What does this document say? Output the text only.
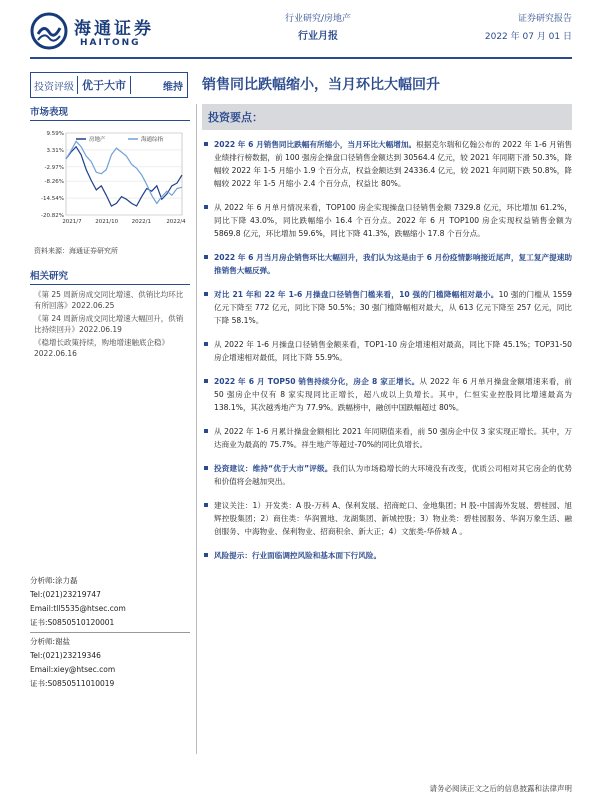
海通证券
HAITONG
行业研究/房地产
行业月报
证券研究报告
2022 年 07 月 01 日
投资评级 优于大市	维持 销售同比跌幅缩小，当月环比大幅回升
市场表现
9.59%
3.31%
-2.97%
-8.26%
-14.54%
-20.82%
2021/7 2021/10 2022/1	2022/4
房地产	海通综指
资料来源：海通证券研究所
相关研究
《第 25 周新房成交同比增速、供销比均环比有所回落》2022.06.25
《第 24 周新房成交同比增速大幅回升，供销比持续回升》2022.06.19
《稳增长政策持续，购地增速触底企稳》2022.06.16
分析师:涂力磊
Tel:(021)23219747
Email:tll5535@htsec.com
证书:S0850510120001
分析师:谢盐
Tel:(021)23219346
Email:xiey@htsec.com
证书:S0850511010019
投资要点：
2022 年 6 月销售同比跌幅有所缩小，当月环比大幅增加。根据克尔瑞和亿翰公布的 2022 年 1-6 月销售业绩排行榜数据，前 100 强房企操盘口径销售金额达到 30564.4 亿元，较 2021 年同期下滑 50.3%，降幅较 2022 年 1-5 月缩小 1.9 个百分点，权益金额达到 24336.4 亿元，较 2021 年同期下跌 50.8%，降幅较 2022 年 1-5 月缩小 2.4 个百分点，权益比 80%。
从 2022 年 6 月单月情况来看，TOP100 房企实现操盘口径销售金额 7329.8 亿元，环比增加 61.2%，同比下降 43.0%，同比跌幅缩小 16.4 个百分点。2022 年 6 月 TOP100 房企实现权益销售金额为 5869.8 亿元，环比增加 59.6%，同比下降 41.3%，跌幅缩小 17.8 个百分点。
2022 年 6 月当月房企销售环比大幅回升，我们认为这是由于 6 月份疫情影响接近尾声，复工复产提速助推销售大幅反弹。
对比 21 年和 22 年 1-6 月操盘口径销售门槛来看，10 强的门槛降幅相对最小。10 强的门槛从 1559 亿元下降至 772 亿元，同比下降 50.5%；30 强门槛降幅相对最大，从 613 亿元下降至 257 亿元，同比下降 58.1%。
从 2022 年 1-6 月操盘口径销售金额来看，TOP1-10 房企增速相对最高，同比下降 45.1%；TOP31-50 房企增速相对最低，同比下降 55.9%。
2022 年 6 月 TOP50 销售持续分化，房企 8 家正增长。从 2022 年 6 月单月操盘金额增速来看，前 50 强房企中仅有 8 家实现同比正增长，超八成以上负增长。其中，仁恒实业控股同比增速最高为 138.1%，其次越秀地产为 77.9%。跌幅榜中，融创中国跌幅超过 80%。
从 2022 年 1-6 月累计操盘金额相比 2021 年同期值来看，前 50 强房企中仅 3 家实现正增长。其中，万达商业为最高的 75.7%。祥生地产等超过-70%的同比负增长。
投资建议：维持“优于大市”评级。我们认为市场稳增长的大环境没有改变，优质公司相对其它房企的优势和价值将会越加突出。
建议关注：1）开发类：A 股-万科 A、保利发展、招商蛇口、金地集团；H 股-中国海外发展、碧桂园、旭辉控股集团；2）商住类：华润置地、龙湖集团、新城控股；3）物业类：碧桂园服务、华润万象生活、融创服务、中海物业、保利物业、招商积余、新大正；4）文旅类-华侨城 A 。
风险提示：行业面临调控风险和基本面下行风险。
请务必阅读正文之后的信息披露和法律声明
